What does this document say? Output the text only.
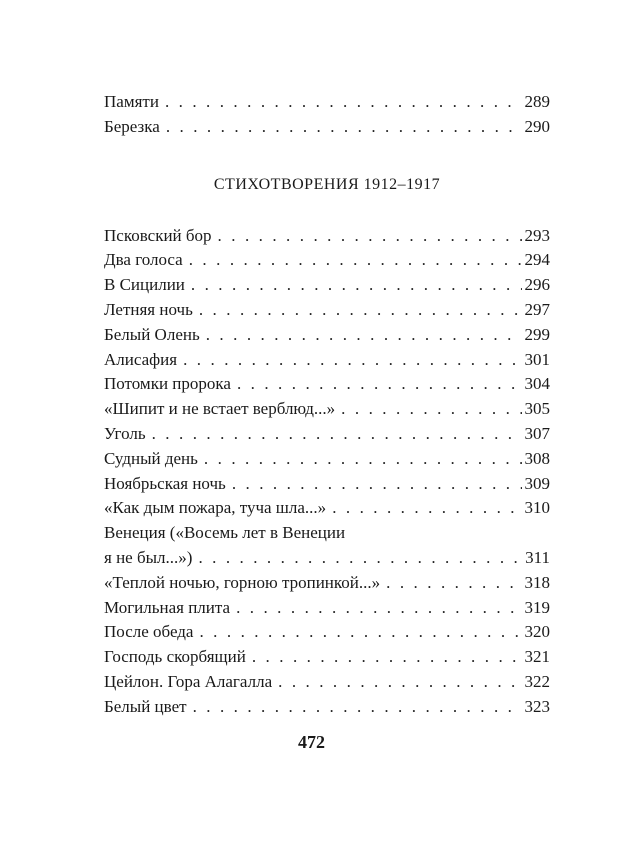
Памяти . . .	289
Березка . . .	290
СТИХОТВОРЕНИЯ 1912–1917
Псковский бор . . .	293
Два голоса . . .	294
В Сицилии . . .	296
Летняя ночь . . .	297
Белый Олень . . .	299
Алисафия . . .	301
Потомки пророка . . .	304
«Шипит и не встает верблюд...» . . .	305
Уголь . . .	307
Судный день . . .	308
Ноябрьская ночь . . .	309
«Как дым пожара, туча шла...» . . .	310
Венеция («Восемь лет в Венеции
я не был...») . . .	311
«Теплой ночью, горною тропинкой...» . . .	318
Могильная плита . . .	319
После обеда . . .	320
Господь скорбящий . . .	321
Цейлон. Гора Алагалла . . .	322
Белый цвет . . .	323
472
